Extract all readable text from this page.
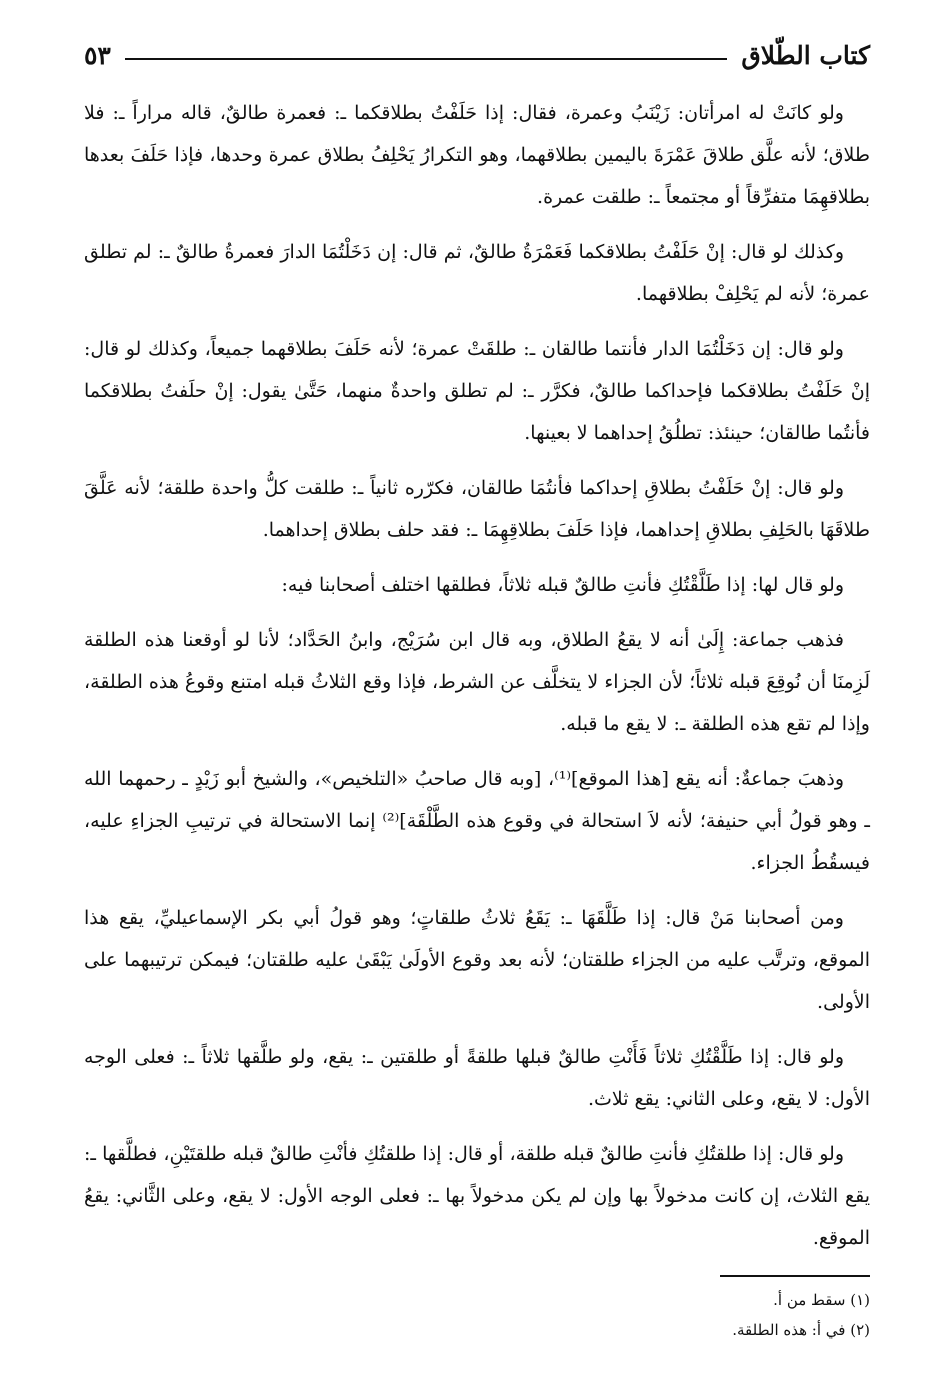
كتاب الطّلاق
٥٣

ولو كانَتْ له امرأتان: زَيْنَبُ وعمرة، فقال: إذا حَلَفْتُ بطلاقكما ـ: فعمرة طالقٌ، قاله مراراً ـ: فلا طلاق؛ لأنه علَّق طلاقَ عَمْرَةَ باليمين بطلاقهما، وهو التكرارُ يَحْلِفُ بطلاق عمرة وحدها، فإذا حَلَفَ بعدها بطلاقهِمَا متفرِّقاً أو مجتمعاً ـ: طلقت عمرة.

وكذلك لو قال: إنْ حَلَفْتُ بطلاقكما فَعَمْرَةُ طالقٌ، ثم قال: إن دَخَلْتُمَا الدارَ فعمرةُ طالقٌ ـ: لم تطلق عمرة؛ لأنه لم يَحْلِفْ بطلاقهما.

ولو قال: إن دَخَلْتُمَا الدار فأنتما طالقان ـ: طلقَتْ عمرة؛ لأنه حَلَفَ بطلاقهما جميعاً، وكذلك لو قال: إنْ حَلَفْتُ بطلاقكما فإحداكما طالقٌ، فكرَّر ـ: لم تطلق واحدةٌ منهما، حَتَّىٰ يقول: إنْ حلَفتُ بطلاقكما فأنتُما طالقان؛ حينئذ: تطلُقُ إحداهما لا بعينها.

ولو قال: إنْ حَلَفْتُ بطلاقِ إحداكما فأنتُمَا طالقان، فكرّره ثانياً ـ: طلقت كلُّ واحدة طلقة؛ لأنه عَلَّقَ طلاقَهَا بالحَلِفِ بطلاقِ إحداهما، فإذا حَلَفَ بطلاقِهِمَا ـ: فقد حلف بطلاق إحداهما.

ولو قال لها: إذا طَلَّقْتُكِ فأنتِ طالقٌ قبله ثلاثاً، فطلقها اختلف أصحابنا فيه:

فذهب جماعة: إِلَىٰ أنه لا يقعُ الطلاق، وبه قال ابن سُرَيْج، وابنُ الحَدَّاد؛ لأنا لو أوقعنا هذه الطلقة لَزِمنَا أن نُوقِعَ قبله ثلاثاً؛ لأن الجزاء لا يتخلَّف عن الشرط، فإذا وقع الثلاثُ قبله امتنع وقوعُ هذه الطلقة، وإذا لم تقع هذه الطلقة ـ: لا يقع ما قبله.

وذهبَ جماعةٌ: أنه يقع [هذا الموقع]⁽¹⁾، [وبه قال صاحبُ «التلخيص»، والشيخ أبو زَيْدٍ ـ رحمهما الله ـ وهو قولُ أبي حنيفة؛ لأنه لاَ استحالة في وقوع هذه الطَّلْقَة]⁽²⁾ إنما الاستحالة في ترتيبِ الجزاءِ عليه، فيسقُطُ الجزاء.

ومن أصحابنا مَنْ قال: إذا طَلَّقَهَا ـ: يَقَعُ ثلاثُ طلقاتٍ؛ وهو قولُ أبي بكر الإسماعيليِّ، يقع هذا الموقع، وترتَّب عليه من الجزاء طلقتان؛ لأنه بعد وقوع الأولَىٰ يَبْقَىٰ عليه طلقتان؛ فيمكن ترتيبهما على الأولى.

ولو قال: إذا طَلَّقْتُكِ ثلاثاً فَأَنْتِ طالقٌ قبلها طلقةً أو طلقتين ـ: يقع، ولو طلَّقها ثلاثاً ـ: فعلى الوجه الأول: لا يقع، وعلى الثاني: يقع ثلاث.

ولو قال: إذا طلقتُكِ فأنتِ طالقٌ قبله طلقة، أو قال: إذا طلقتُكِ فأنْتِ طالقٌ قبله طلقتَيْنِ، فطلَّقها ـ: يقع الثلاث، إن كانت مدخولاً بها وإن لم يكن مدخولاً بها ـ: فعلى الوجه الأول: لا يقع، وعلى الثَّاني: يقعُ الموقع.

(١) سقط من أ.

(٢) في أ: هذه الطلقة.
